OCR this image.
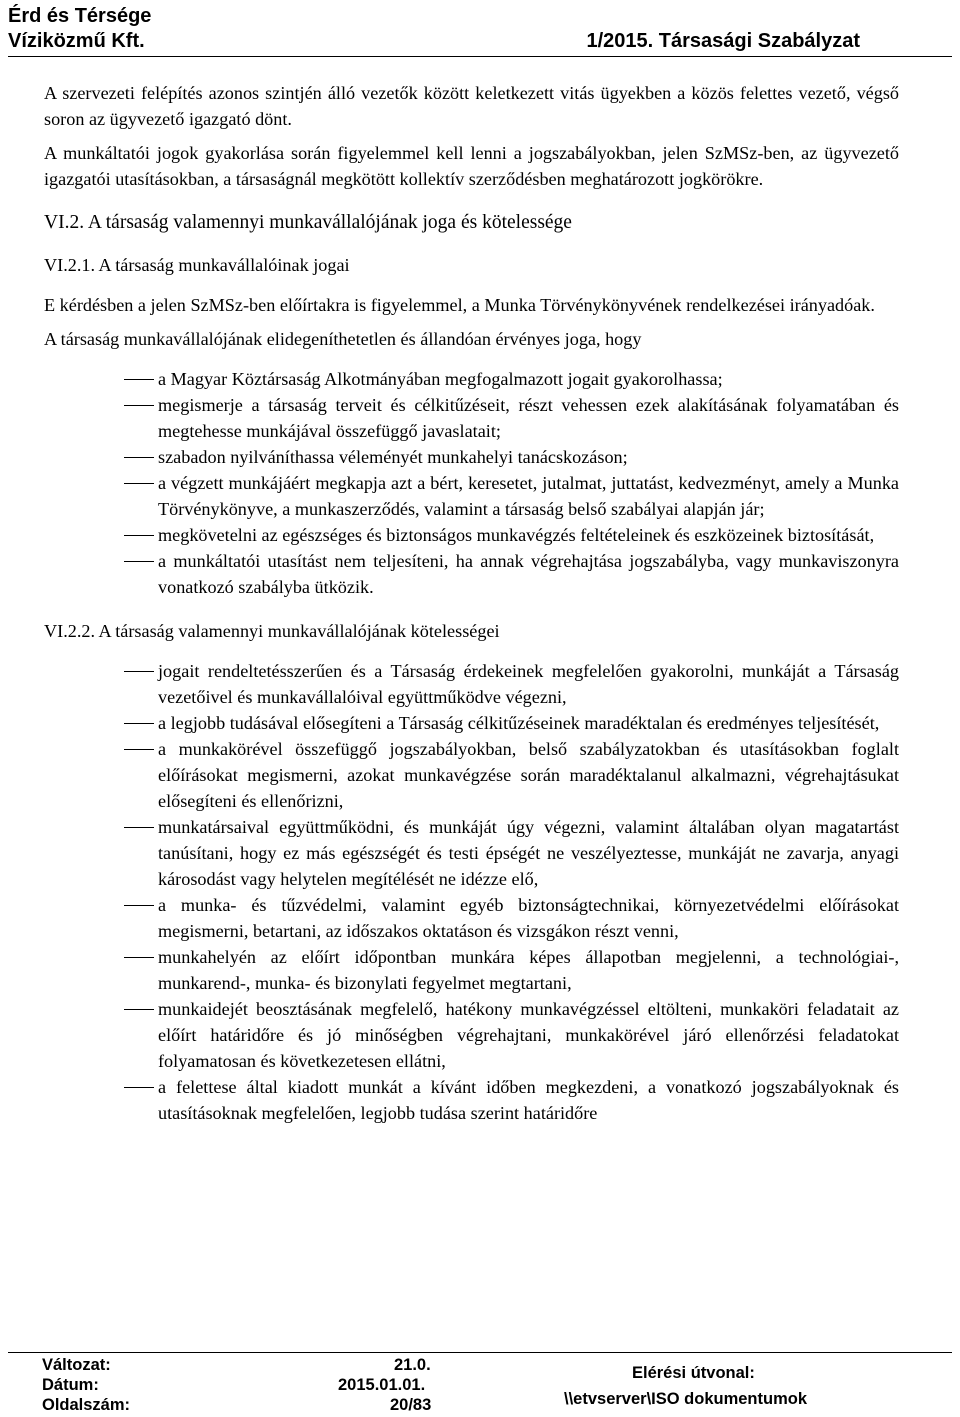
Érd és Térsége
Víziközmű Kft.	1/2015. Társasági Szabályzat

A szervezeti felépítés azonos szintjén álló vezetők között keletkezett vitás ügyekben a közös felettes vezető, végső soron az ügyvezető igazgató dönt.

A munkáltatói jogok gyakorlása során figyelemmel kell lenni a jogszabályokban, jelen SzMSz-ben, az ügyvezető igazgatói utasításokban, a társaságnál megkötött kollektív szerződésben meghatározott jogkörökre.

VI.2. A társaság valamennyi munkavállalójának joga és kötelessége

VI.2.1. A társaság munkavállalóinak jogai

E kérdésben a jelen SzMSz-ben előírtakra is figyelemmel, a Munka Törvénykönyvének rendelkezései irányadóak.

A társaság munkavállalójának elidegeníthetetlen és állandóan érvényes joga, hogy

a Magyar Köztársaság Alkotmányában megfogalmazott jogait gyakorolhassa;
megismerje a társaság terveit és célkitűzéseit, részt vehessen ezek alakításának folyamatában és megtehesse munkájával összefüggő javaslatait;
szabadon nyilváníthassa véleményét munkahelyi tanácskozáson;
a végzett munkájáért megkapja azt a bért, keresetet, jutalmat, juttatást, kedvezményt, amely a Munka Törvénykönyve, a munkaszerződés, valamint a társaság belső szabályai alapján jár;
megkövetelni az egészséges és biztonságos munkavégzés feltételeinek és eszközeinek biztosítását,
a munkáltatói utasítást nem teljesíteni, ha annak végrehajtása jogszabályba, vagy munkaviszonyra vonatkozó szabályba ütközik.

VI.2.2. A társaság valamennyi munkavállalójának kötelességei

jogait rendeltetésszerűen és a Társaság érdekeinek megfelelően gyakorolni, munkáját a Társaság vezetőivel és munkavállalóival együttműködve végezni,
a legjobb tudásával elősegíteni a Társaság célkitűzéseinek maradéktalan és eredményes teljesítését,
a munkakörével összefüggő jogszabályokban, belső szabályzatokban és utasításokban foglalt előírásokat megismerni, azokat munkavégzése során maradéktalanul alkalmazni, végrehajtásukat elősegíteni és ellenőrizni,
munkatársaival együttműködni, és munkáját úgy végezni, valamint általában olyan magatartást tanúsítani, hogy ez más egészségét és testi épségét ne veszélyeztesse, munkáját ne zavarja, anyagi károsodást vagy helytelen megítélését ne idézze elő,
a munka- és tűzvédelmi, valamint egyéb biztonságtechnikai, környezetvédelmi előírásokat megismerni, betartani, az időszakos oktatáson és vizsgákon részt venni,
munkahelyén az előírt időpontban munkára képes állapotban megjelenni, a technológiai-, munkarend-, munka- és bizonylati fegyelmet megtartani,
munkaidejét beosztásának megfelelő, hatékony munkavégzéssel eltölteni, munkaköri feladatait az előírt határidőre és jó minőségben végrehajtani, munkakörével járó ellenőrzési feladatokat folyamatosan és következetesen ellátni,
a felettese által kiadott munkát a kívánt időben megkezdeni, a vonatkozó jogszabályoknak és utasításoknak megfelelően, legjobb tudása szerint határidőre
Változat:	21.0.
Dátum:	2015.01.01.
Oldalszám:	20/83
Elérési útvonal:
\\etvserver\ISO dokumentumok
